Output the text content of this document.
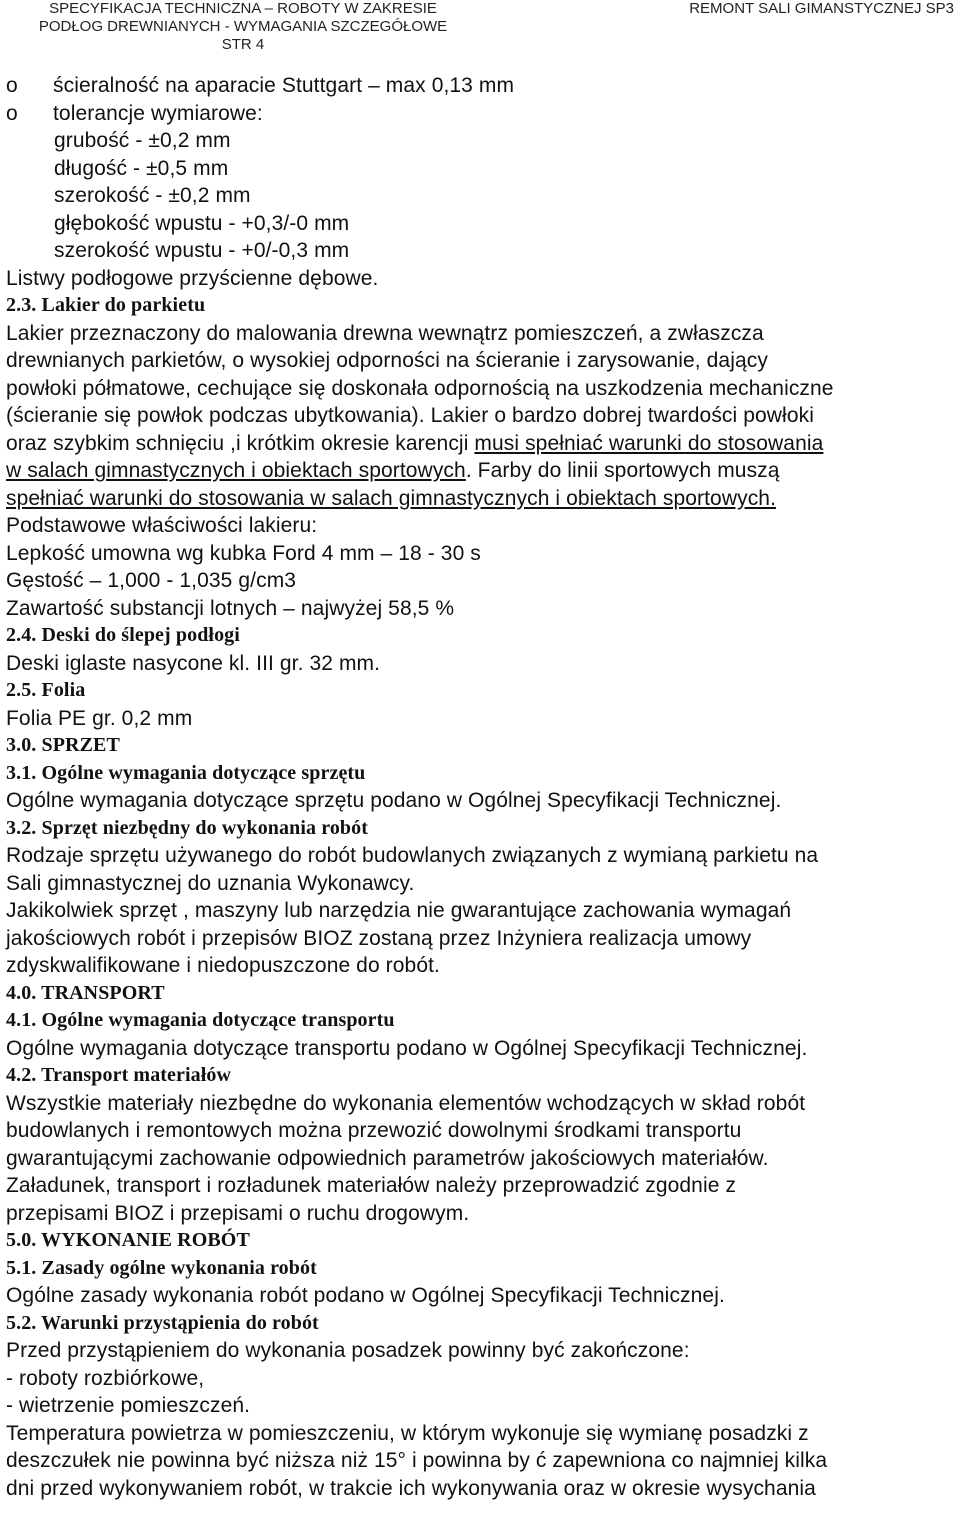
SPECYFIKACJA TECHNICZNA – ROBOTY W ZAKRESIE
PODŁOG DREWNIANYCH - WYMAGANIA SZCZEGÓŁOWE
STR 4
REMONT SALI GIMANSTYCZNEJ SP3
o ścieralność na aparacie Stuttgart – max 0,13 mm
o tolerancje wymiarowe:
grubość - ±0,2 mm
długość - ±0,5 mm
szerokość - ±0,2 mm
głębokość wpustu - +0,3/-0 mm
szerokość wpustu - +0/-0,3 mm
Listwy podłogowe przyścienne dębowe.
2.3. Lakier do parkietu
Lakier przeznaczony do malowania drewna wewnątrz pomieszczeń, a zwłaszcza
drewnianych parkietów, o wysokiej odporności na ścieranie i zarysowanie, dający
powłoki półmatowe, cechujące się doskonała odpornością na uszkodzenia mechaniczne
(ścieranie się powłok podczas ubytkowania). Lakier o bardzo dobrej twardości powłoki
oraz szybkim schnięciu ,i krótkim okresie karencji musi spełniać warunki do stosowania
w salach gimnastycznych i obiektach sportowych. Farby do linii sportowych muszą
spełniać warunki do stosowania w salach gimnastycznych i obiektach sportowych.
Podstawowe właściwości lakieru:
Lepkość umowna wg kubka Ford 4 mm – 18 - 30 s
Gęstość – 1,000 - 1,035 g/cm3
Zawartość substancji lotnych – najwyżej 58,5 %
2.4. Deski do ślepej podłogi
Deski iglaste nasycone kl. III gr. 32 mm.
2.5. Folia
Folia PE gr. 0,2 mm
3.0. SPRZET
3.1. Ogólne wymagania dotyczące sprzętu
Ogólne wymagania dotyczące sprzętu podano w Ogólnej Specyfikacji Technicznej.
3.2. Sprzęt niezbędny do wykonania robót
Rodzaje sprzętu używanego do robót budowlanych związanych z wymianą parkietu na
Sali gimnastycznej do uznania Wykonawcy.
Jakikolwiek sprzęt , maszyny lub narzędzia nie gwarantujące zachowania wymagań
jakościowych robót i przepisów BIOZ zostaną przez Inżyniera realizacja umowy
zdyskwalifikowane i niedopuszczone do robót.
4.0. TRANSPORT
4.1. Ogólne wymagania dotyczące transportu
Ogólne wymagania dotyczące transportu podano w Ogólnej Specyfikacji Technicznej.
4.2. Transport materiałów
Wszystkie materiały niezbędne do wykonania elementów wchodzących w skład robót
budowlanych i remontowych można przewozić dowolnymi środkami transportu
gwarantującymi zachowanie odpowiednich parametrów jakościowych materiałów.
Załadunek, transport i rozładunek materiałów należy przeprowadzić zgodnie z
przepisami BIOZ i przepisami o ruchu drogowym.
5.0. WYKONANIE ROBÓT
5.1. Zasady ogólne wykonania robót
Ogólne zasady wykonania robót podano w Ogólnej Specyfikacji Technicznej.
5.2. Warunki przystąpienia do robót
Przed przystąpieniem do wykonania posadzek powinny być zakończone:
- roboty rozbiórkowe,
- wietrzenie pomieszczeń.
Temperatura powietrza w pomieszczeniu, w którym wykonuje się wymianę posadzki z
deszczułek nie powinna być niższa niż 15° i powinna by ć zapewniona co najmniej kilka
dni przed wykonywaniem robót, w trakcie ich wykonywania oraz w okresie wysychania
